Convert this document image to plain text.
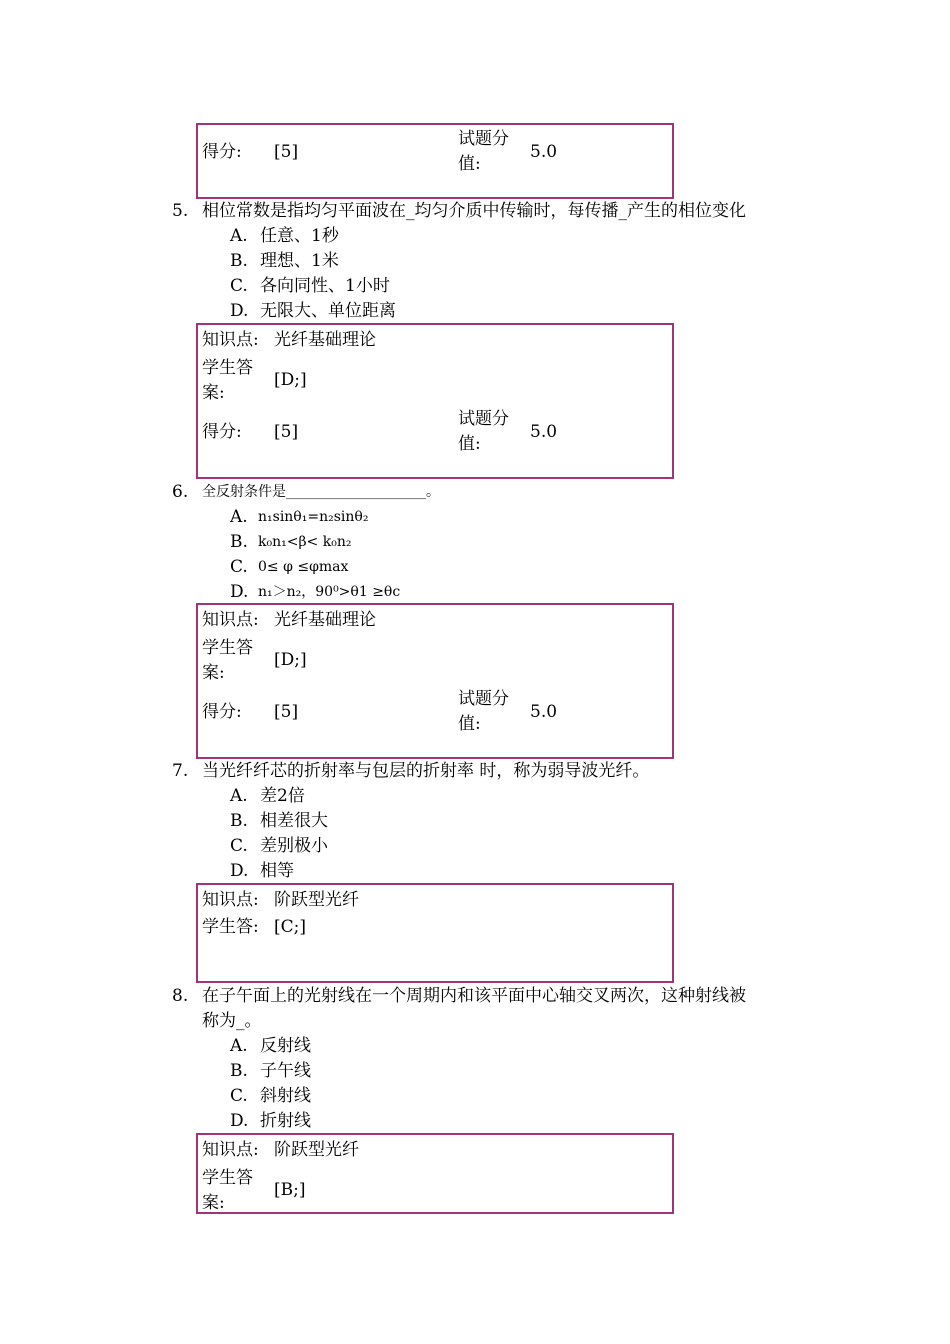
得分: [5]
试题分
值:
5.0
5. 相位常数是指均匀平面波在_均匀介质中传输时，每传播_产生的相位变化
A. 任意、1秒
B. 理想、1米
C. 各向同性、1小时
D. 无限大、单位距离
知识点: 光纤基础理论
学生答
案:
[D;]
得分: [5]
试题分
值:
5.0
6. 全反射条件是____________________。
A. n₁sinθ₁=n₂sinθ₂
B. k₀n₁<β< k₀n₂
C. 0≤ φ ≤φmax
D. n₁＞n₂，90⁰>θ1 ≥θc
知识点: 光纤基础理论
学生答
案:
[D;]
得分: [5]
试题分
值:
5.0
7. 当光纤纤芯的折射率与包层的折射率 时，称为弱导波光纤。
A. 差2倍
B. 相差很大
C. 差别极小
D. 相等
知识点: 阶跃型光纤
学生答: [C;]
8. 在子午面上的光射线在一个周期内和该平面中心轴交叉两次，这种射线被
称为_。
A. 反射线
B. 子午线
C. 斜射线
D. 折射线
知识点: 阶跃型光纤
学生答
案:
[B;]
